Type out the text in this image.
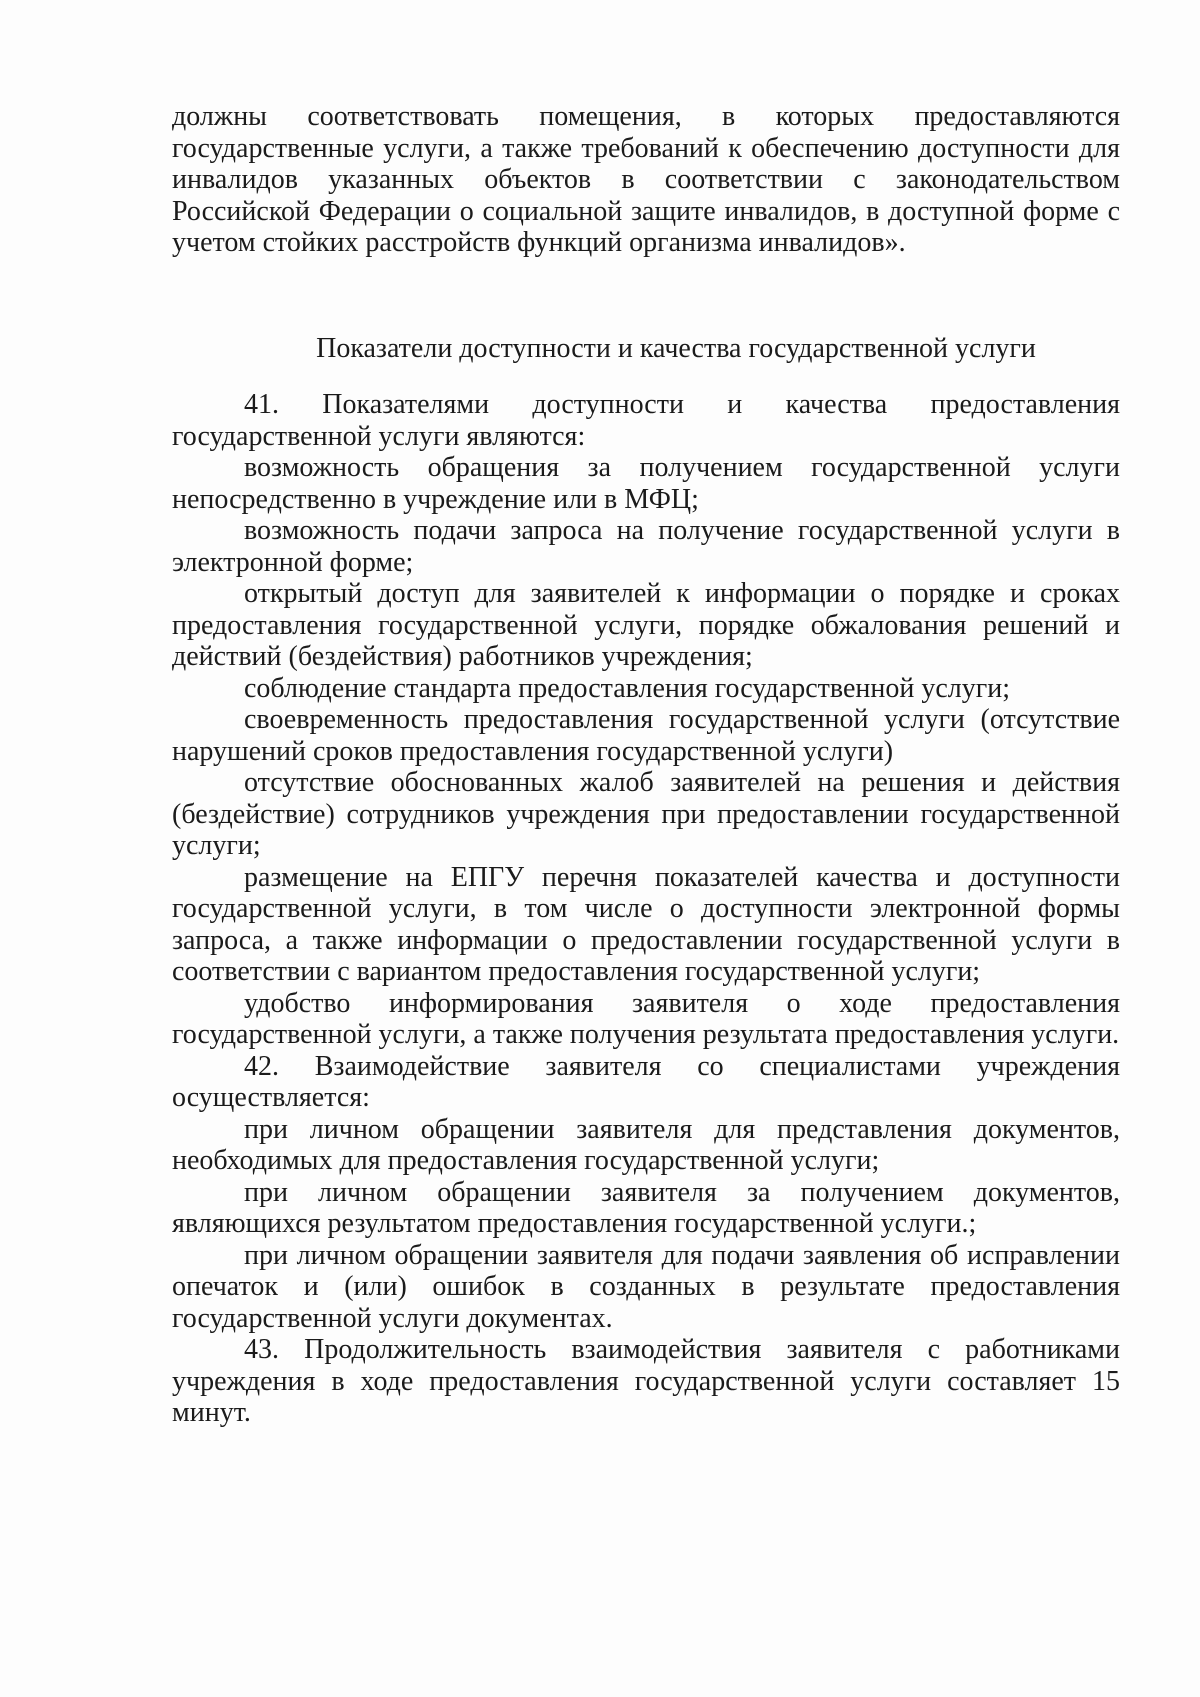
должны соответствовать помещения, в которых предоставляются государственные услуги, а также требований к обеспечению доступности для инвалидов указанных объектов в соответствии с законодательством Российской Федерации о социальной защите инвалидов, в доступной форме с учетом стойких расстройств функций организма инвалидов».

Показатели доступности и качества государственной услуги

41. Показателями доступности и качества предоставления государственной услуги являются:

возможность обращения за получением государственной услуги непосредственно в учреждение или в МФЦ;

возможность подачи запроса на получение государственной услуги в электронной форме;

открытый доступ для заявителей к информации о порядке и сроках предоставления государственной услуги, порядке обжалования решений и действий (бездействия) работников учреждения;

соблюдение стандарта предоставления государственной услуги;

своевременность предоставления государственной услуги (отсутствие нарушений сроков предоставления государственной услуги)

отсутствие обоснованных жалоб заявителей на решения и действия (бездействие) сотрудников учреждения при предоставлении государственной услуги;

размещение на ЕПГУ перечня показателей качества и доступности государственной услуги, в том числе о доступности электронной формы запроса, а также информации о предоставлении государственной услуги в соответствии с вариантом предоставления государственной услуги;

удобство информирования заявителя о ходе предоставления государственной услуги, а также получения результата предоставления услуги.

42. Взаимодействие заявителя со специалистами учреждения осуществляется:

при личном обращении заявителя для представления документов, необходимых для предоставления государственной услуги;

при личном обращении заявителя за получением документов, являющихся результатом предоставления государственной услуги.;

при личном обращении заявителя для подачи заявления об исправлении опечаток и (или) ошибок в созданных в результате предоставления государственной услуги документах.

43. Продолжительность взаимодействия заявителя с работниками учреждения в ходе предоставления государственной услуги составляет 15 минут.
